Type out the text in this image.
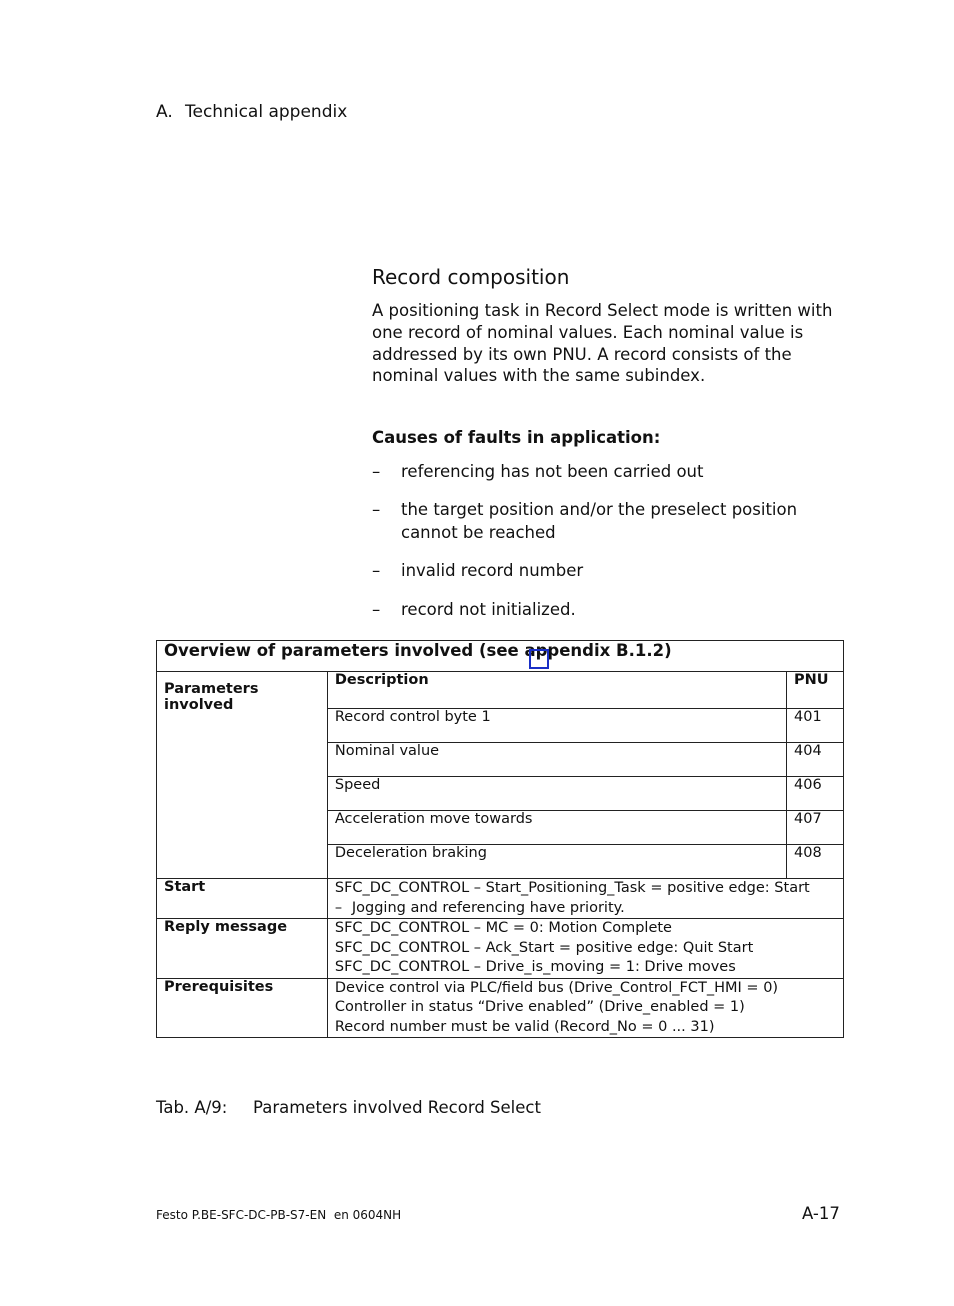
A. Technical appendix
Record composition
A positioning task in Record Select mode is written with one record of nominal values. Each nominal value is addressed by its own PNU. A record consists of the nominal values with the same subindex.
Causes of faults in application:
– referencing has not been carried out
– the target position and/or the preselect position cannot be reached
– invalid record number
– record not initialized.
Overview of parameters involved (see appendix B.1.2)		
Parameters involved	Description	PNU
	Record control byte 1	401
	Nominal value	404
	Speed	406
	Acceleration move towards	407
	Deceleration braking	408
Start	SFC_DC_CONTROL – Start_Positioning_Task = positive edge: Start
– Jogging and referencing have priority.	

Reply message	SFC_DC_CONTROL – MC = 0: Motion Complete
SFC_DC_CONTROL – Ack_Start = positive edge: Quit Start
SFC_DC_CONTROL – Drive_is_moving = 1: Drive moves	

Prerequisites	Device control via PLC/field bus (Drive_Control_FCT_HMI = 0)
Controller in status “Drive enabled” (Drive_enabled = 1)
Record number must be valid (Record_No = 0 ... 31)	
Tab. A/9: Parameters involved Record Select
Festo P.BE-SFC-DC-PB-S7-EN  en 0604NH	A-17
